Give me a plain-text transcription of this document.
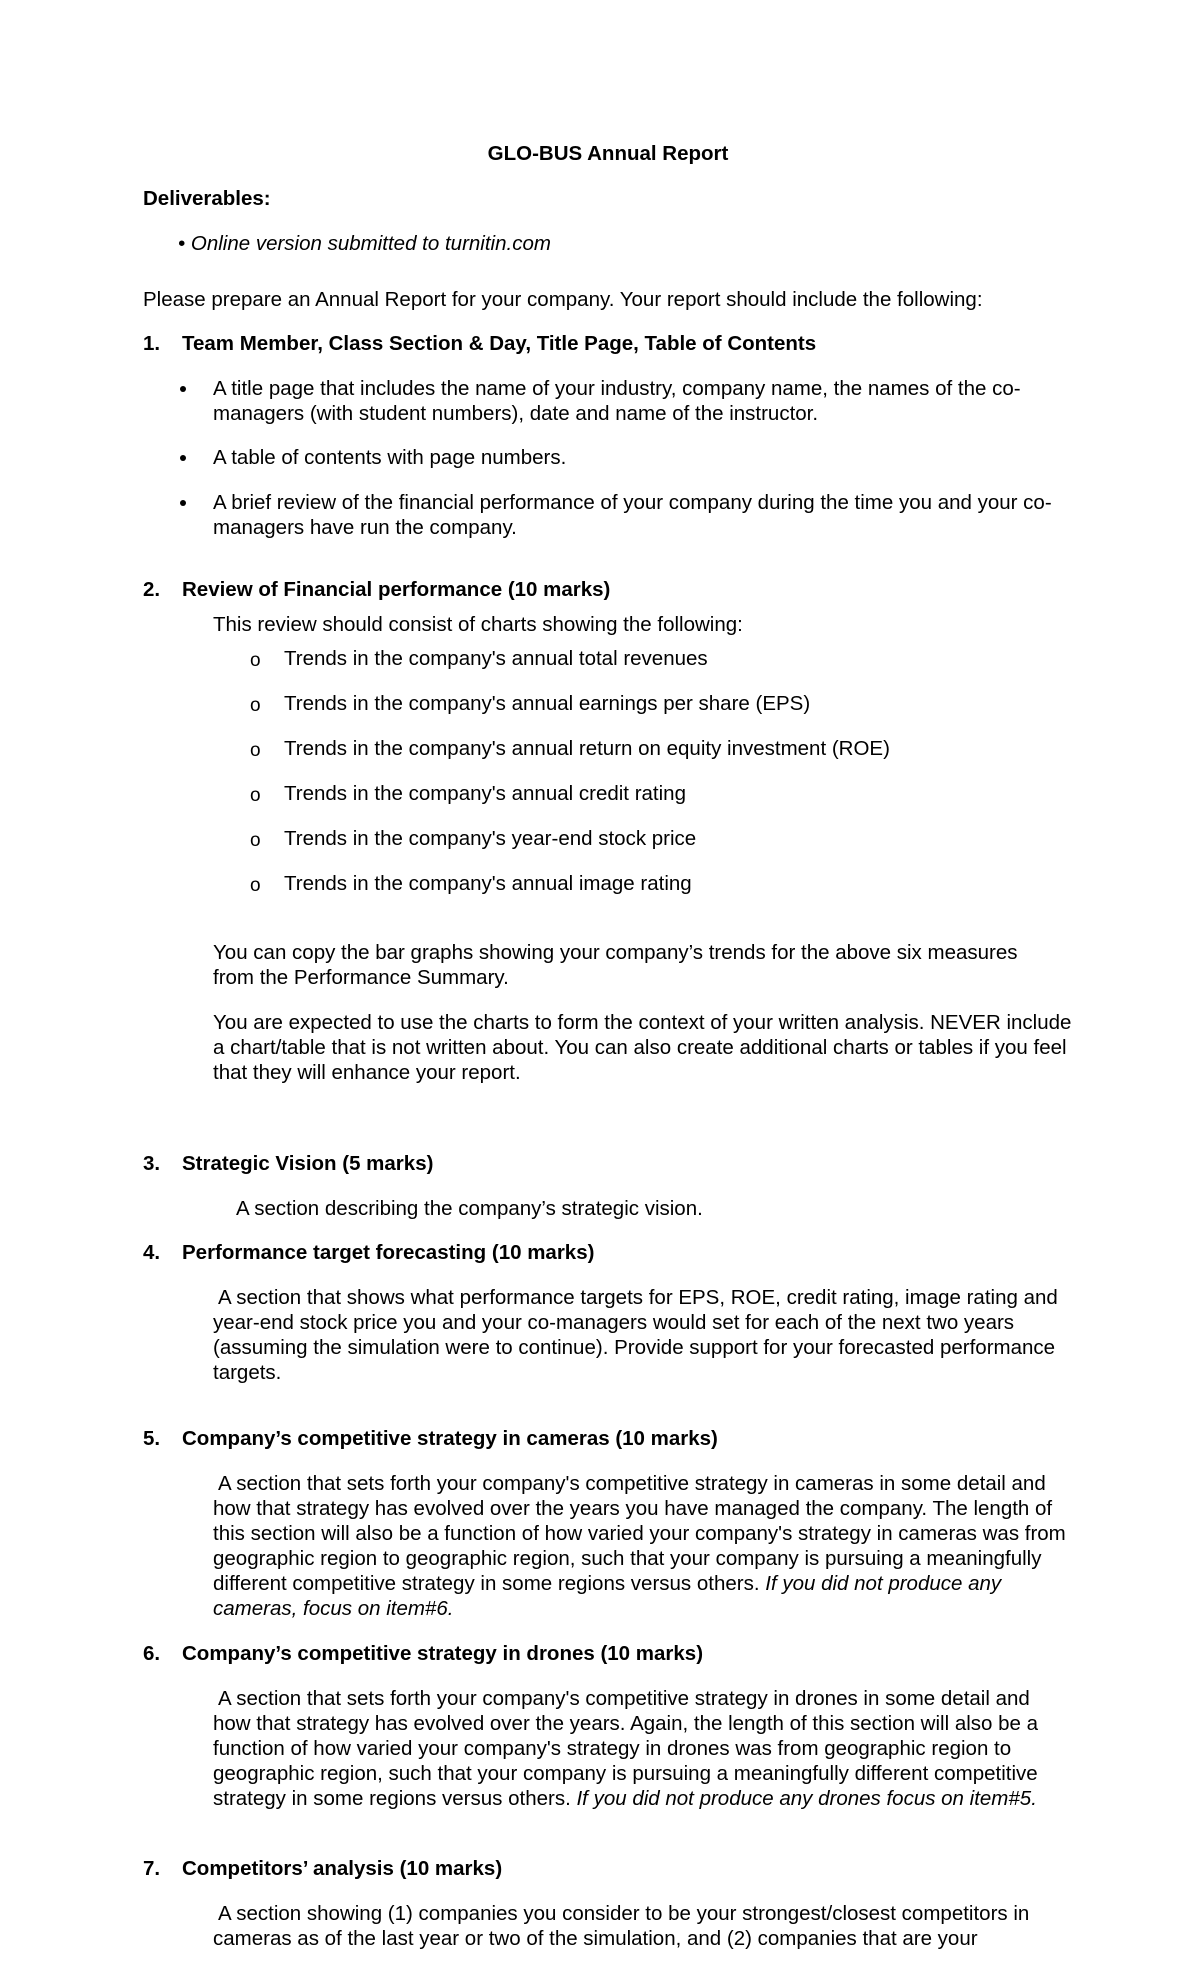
GLO-BUS Annual Report
Deliverables:
• Online version submitted to turnitin.com
Please prepare an Annual Report for your company. Your report should include the following:
1. Team Member, Class Section & Day, Title Page, Table of Contents
A title page that includes the name of your industry, company name, the names of the co-managers (with student numbers), date and name of the instructor.
A table of contents with page numbers.
A brief review of the financial performance of your company during the time you and your co-managers have run the company.
2. Review of Financial performance (10 marks)
This review should consist of charts showing the following:
o Trends in the company's annual total revenues
o Trends in the company's annual earnings per share (EPS)
o Trends in the company's annual return on equity investment (ROE)
o Trends in the company's annual credit rating
o Trends in the company's year-end stock price
o Trends in the company's annual image rating
You can copy the bar graphs showing your company’s trends for the above six measures from the Performance Summary.
You are expected to use the charts to form the context of your written analysis. NEVER include a chart/table that is not written about. You can also create additional charts or tables if you feel that they will enhance your report.
3. Strategic Vision (5 marks)
A section describing the company’s strategic vision.
4. Performance target forecasting (10 marks)
A section that shows what performance targets for EPS, ROE, credit rating, image rating and year-end stock price you and your co-managers would set for each of the next two years (assuming the simulation were to continue). Provide support for your forecasted performance targets.
5. Company’s competitive strategy in cameras (10 marks)
A section that sets forth your company's competitive strategy in cameras in some detail and how that strategy has evolved over the years you have managed the company. The length of this section will also be a function of how varied your company's strategy in cameras was from geographic region to geographic region, such that your company is pursuing a meaningfully different competitive strategy in some regions versus others. If you did not produce any cameras, focus on item#6.
6. Company’s competitive strategy in drones (10 marks)
A section that sets forth your company's competitive strategy in drones in some detail and how that strategy has evolved over the years. Again, the length of this section will also be a function of how varied your company's strategy in drones was from geographic region to geographic region, such that your company is pursuing a meaningfully different competitive strategy in some regions versus others. If you did not produce any drones focus on item#5.
7. Competitors’ analysis (10 marks)
A section showing (1) companies you consider to be your strongest/closest competitors in cameras as of the last year or two of the simulation, and (2) companies that are your
